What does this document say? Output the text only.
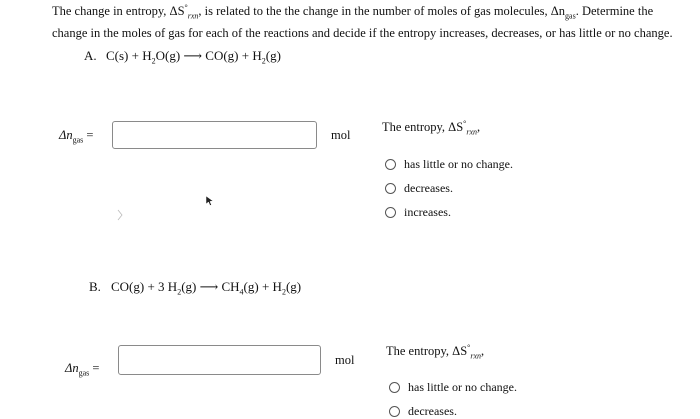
The change in entropy, $\Delta S^\circ_{rxn}$, is related to the the change in the number of moles of gas molecules, $\Delta n_{gas}$. Determine the change in the moles of gas for each of the reactions and decide if the entropy increases, decreases, or has little or no change.
A. $C(s) + H_2O(g)$ ⟶ $CO(g) + H_2(g)$
$\Delta n_{gas}$ =	mol
The entropy, $\Delta S^\circ_{rxn}$,
has little or no change.
decreases.
increases.
B. CO(g) + 3 $H_2(g)$ ⟶ $CH_4(g) + H_2(g)$
$\Delta n_{gas}$ =
mol
The entropy, $\Delta S^\circ_{rxn}$,
has little or no change.
decreases.
